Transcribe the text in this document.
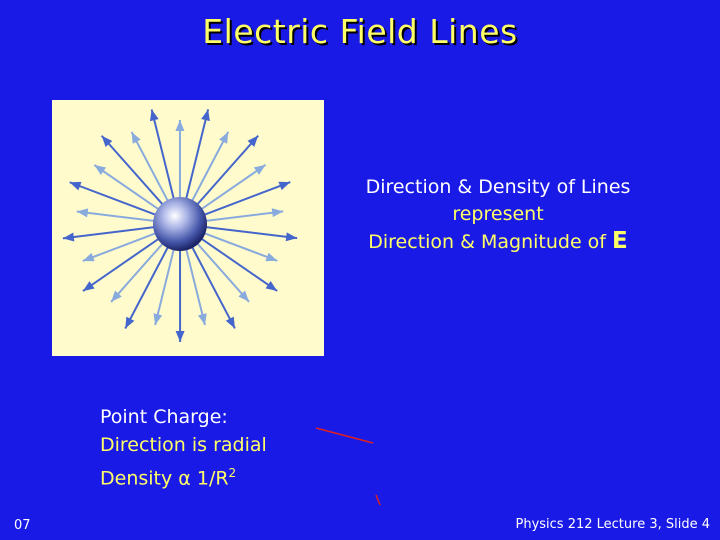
Electric Field Lines
Direction & Density of Lines
represent
Direction & Magnitude of E
Point Charge:
Direction is radial
Density α $1/R^2$
07	Physics 212 Lecture 3, Slide 4
